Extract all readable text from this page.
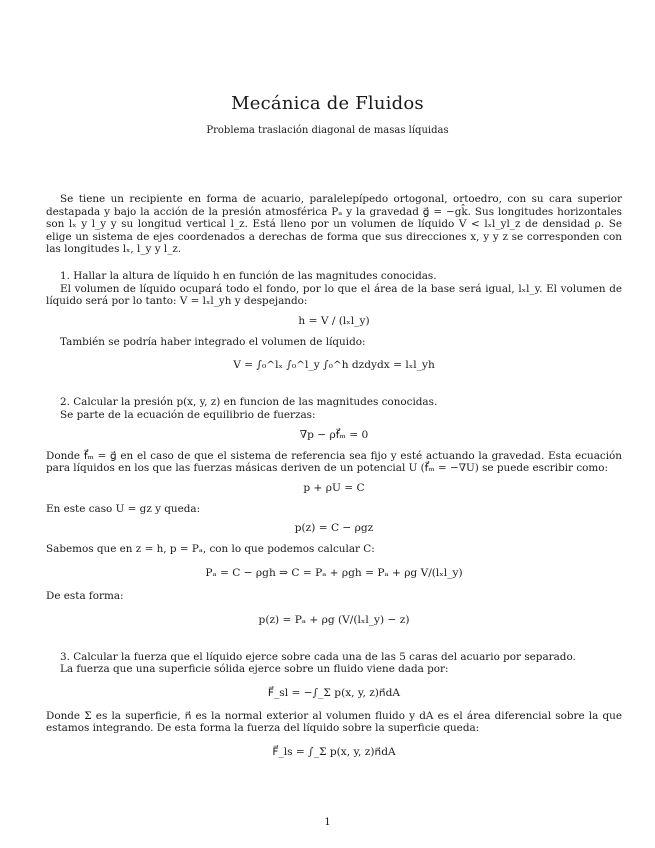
Mecánica de Fluidos
Problema traslación diagonal de masas líquidas

Se tiene un recipiente en forma de acuario, paralelepípedo ortogonal, ortoedro, con su cara superior destapada y bajo la acción de la presión atmosférica Pₐ y la gravedad g⃗ = −gk̂. Sus longitudes horizontales son lₓ y l_y y su longitud vertical l_z. Está lleno por un volumen de líquido V < lₓl_yl_z de densidad ρ. Se elige un sistema de ejes coordenados a derechas de forma que sus direcciones x, y y z se corresponden con las longitudes lₓ, l_y y l_z.

1. Hallar la altura de líquido h en función de las magnitudes conocidas.

El volumen de líquido ocupará todo el fondo, por lo que el área de la base será igual, lₓl_y. El volumen de líquido será por lo tanto: V = lₓl_yh y despejando:

h = V / (lₓl_y)

También se podría haber integrado el volumen de líquido:

V = ∫₀^lₓ ∫₀^l_y ∫₀^h dzdydx = lₓl_yh

2. Calcular la presión p(x, y, z) en funcion de las magnitudes conocidas.

Se parte de la ecuación de equilibrio de fuerzas:

∇p − ρf⃗ₘ = 0

Donde f⃗ₘ = g⃗ en el caso de que el sistema de referencia sea fijo y esté actuando la gravedad. Esta ecuación para líquidos en los que las fuerzas másicas deriven de un potencial U (f⃗ₘ = −∇U) se puede escribir como:

p + ρU = C

En este caso U = gz y queda:

p(z) = C − ρgz

Sabemos que en z = h, p = Pₐ, con lo que podemos calcular C:

Pₐ = C − ρgh ⇒ C = Pₐ + ρgh = Pₐ + ρg V/(lₓl_y)

De esta forma:

p(z) = Pₐ + ρg (V/(lₓl_y) − z)

3. Calcular la fuerza que el líquido ejerce sobre cada una de las 5 caras del acuario por separado.

La fuerza que una superficie sólida ejerce sobre un fluido viene dada por:

F⃗_sl = −∫_Σ p(x, y, z)n⃗dA

Donde Σ es la superficie, n⃗ es la normal exterior al volumen fluido y dA es el área diferencial sobre la que estamos integrando. De esta forma la fuerza del líquido sobre la superficie queda:

F⃗_ls = ∫_Σ p(x, y, z)n⃗dA
1
